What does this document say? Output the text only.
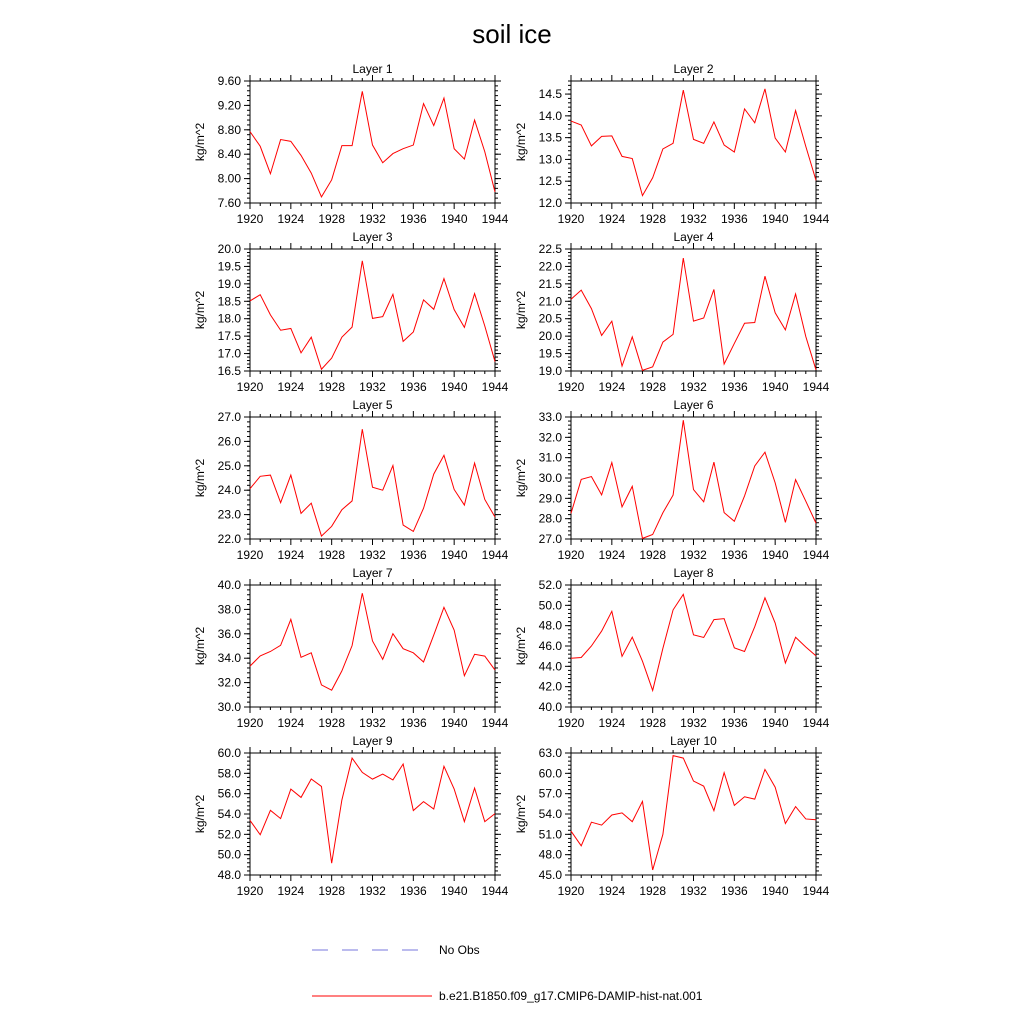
soil ice
Layer 1
1920 1924 1928 1932 1936 1940 1944
7.60
8.00
8.40
8.80
9.20
9.60
kg/m^2
Layer 2
1920 1924 1928 1932 1936 1940 1944
12.0
12.5
13.0
13.5
14.0
14.5
kg/m^2
Layer 3
1920 1924 1928 1932 1936 1940 1944
16.5
17.0
17.5
18.0
18.5
19.0
19.5
20.0
kg/m^2
Layer 4
1920 1924 1928 1932 1936 1940 1944
19.0
19.5
20.0
20.5
21.0
21.5
22.0
22.5
kg/m^2
Layer 5
1920 1924 1928 1932 1936 1940 1944
22.0
23.0
24.0
25.0
26.0
27.0
kg/m^2
Layer 6
1920 1924 1928 1932 1936 1940 1944
27.0
28.0
29.0
30.0
31.0
32.0
33.0
kg/m^2
Layer 7
1920 1924 1928 1932 1936 1940 1944
30.0
32.0
34.0
36.0
38.0
40.0
kg/m^2
Layer 8
1920 1924 1928 1932 1936 1940 1944
40.0
42.0
44.0
46.0
48.0
50.0
52.0
kg/m^2
Layer 9
1920 1924 1928 1932 1936 1940 1944
48.0
50.0
52.0
54.0
56.0
58.0
60.0
kg/m^2
Layer 10
1920 1924 1928 1932 1936 1940 1944
45.0
48.0
51.0
54.0
57.0
60.0
63.0
kg/m^2
No Obs
b.e21.B1850.f09_g17.CMIP6-DAMIP-hist-nat.001
